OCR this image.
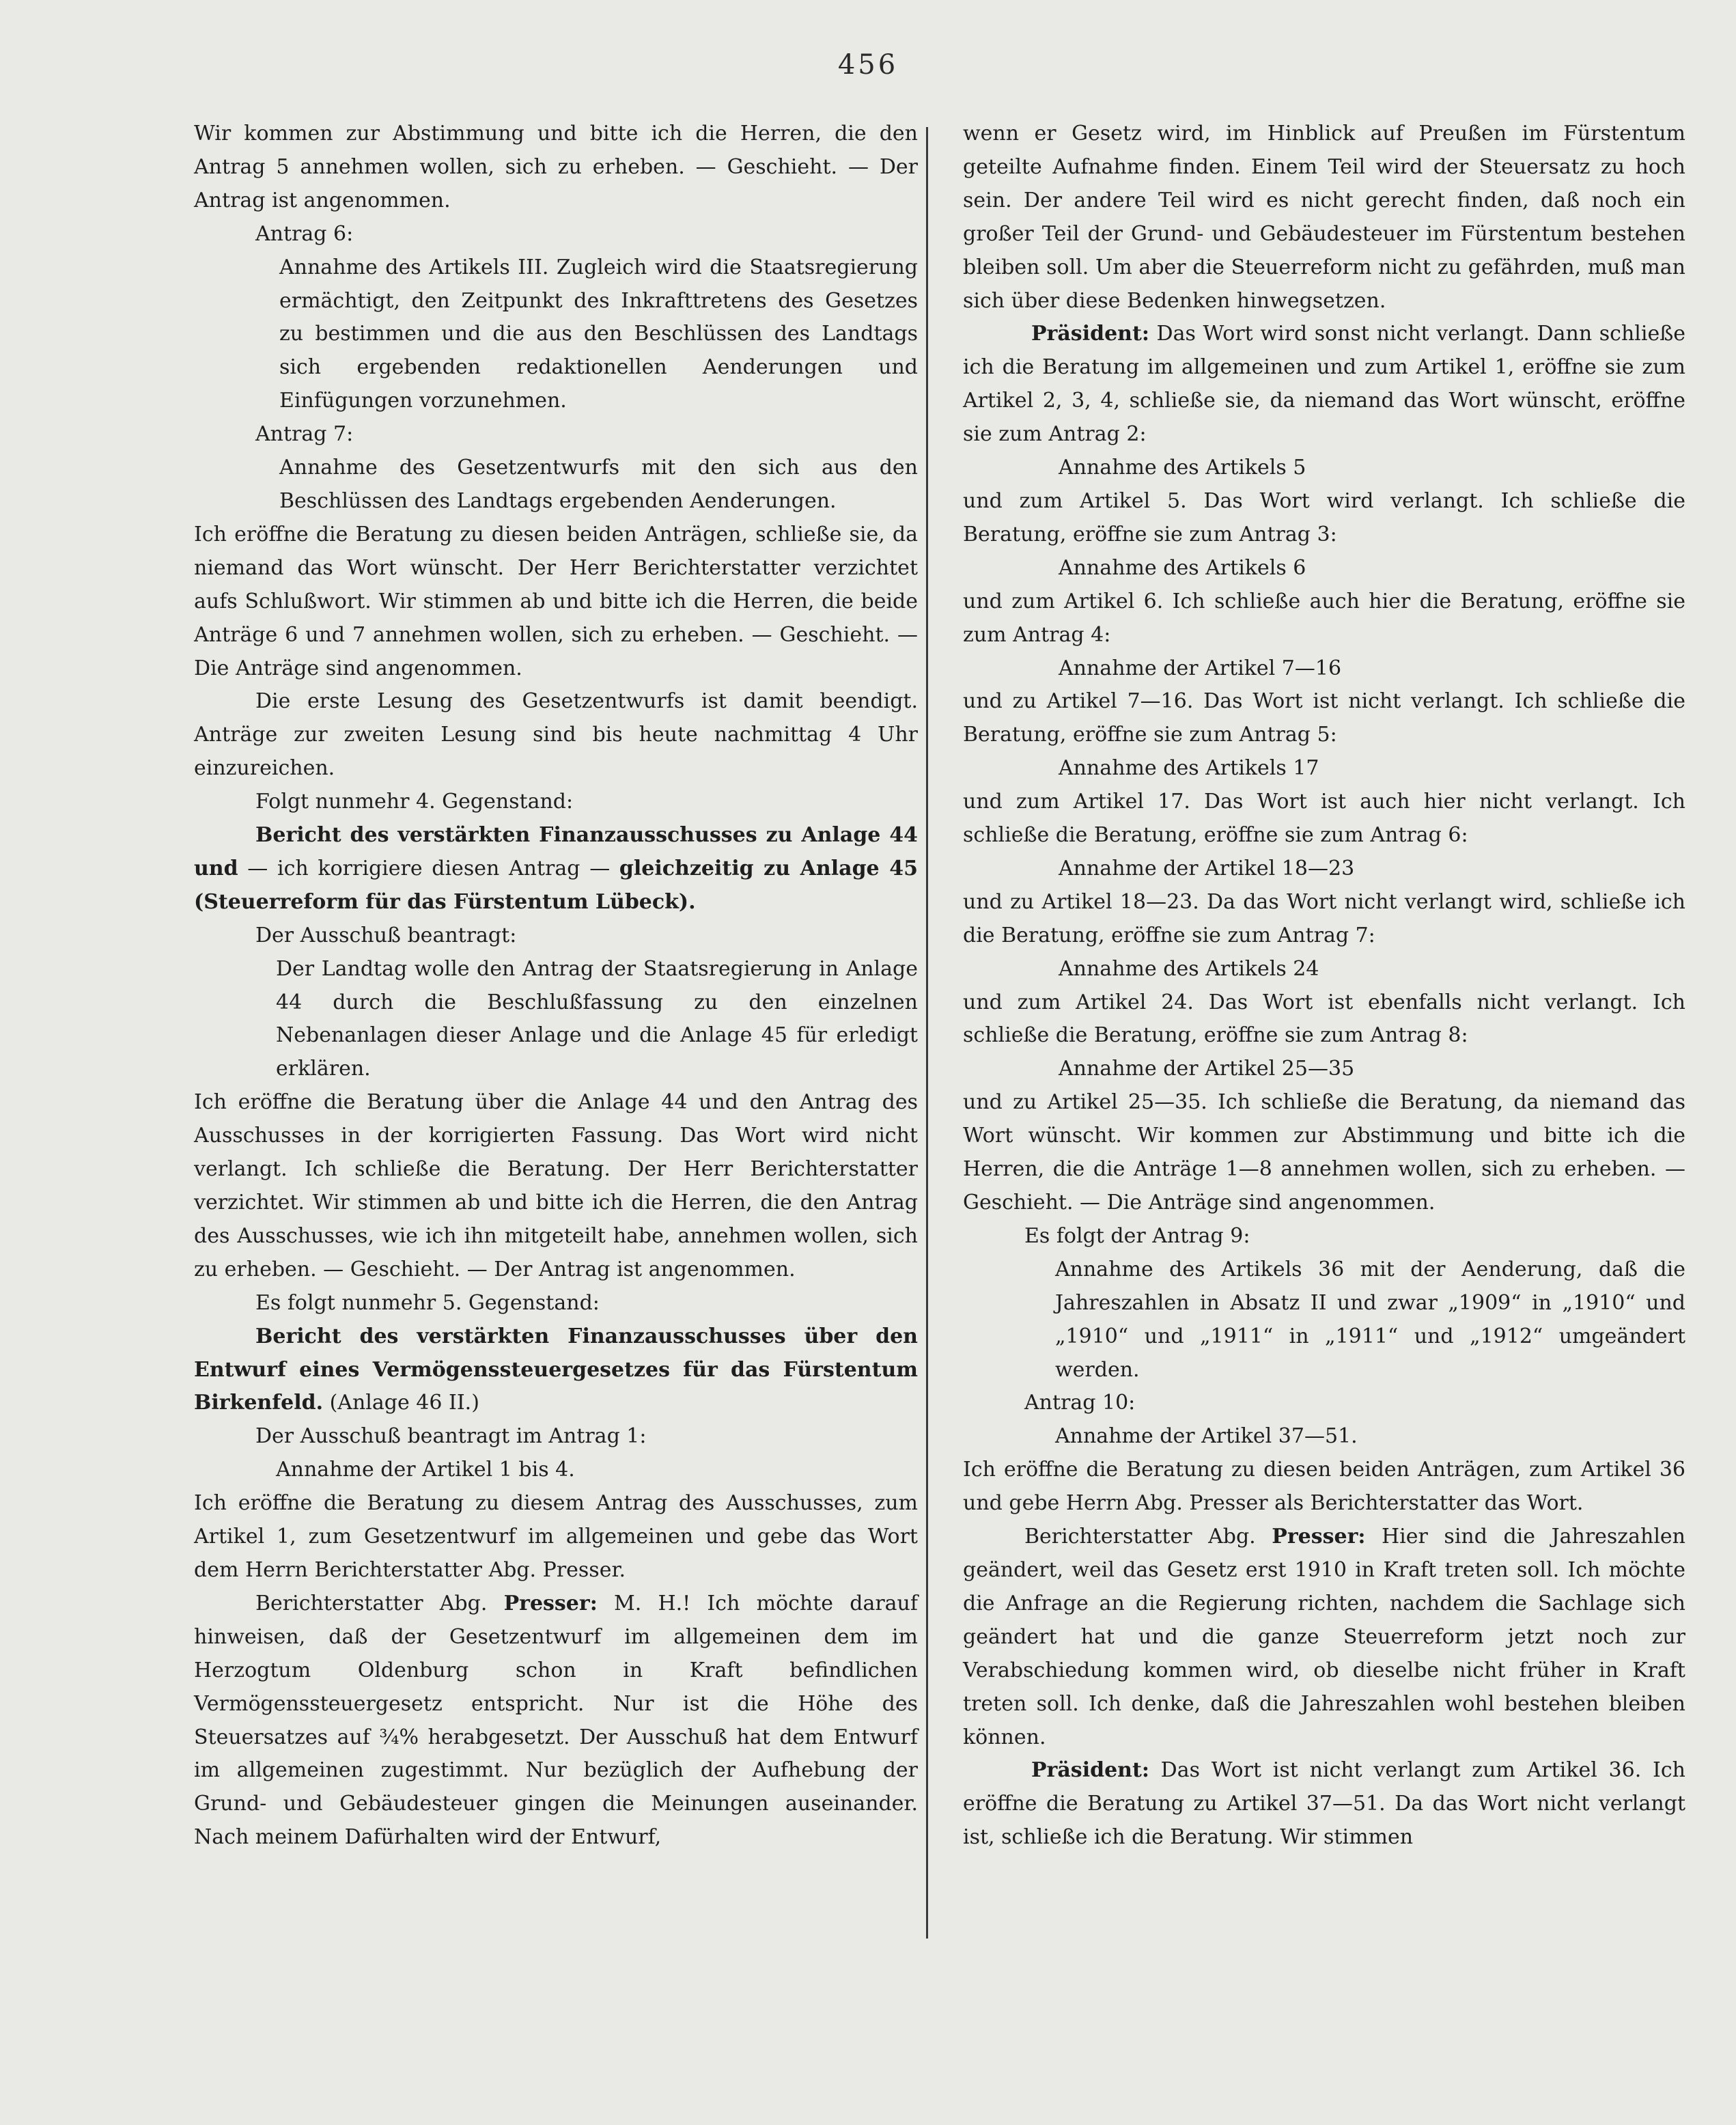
456

Wir kommen zur Abstimmung und bitte ich die Herren, die den Antrag 5 annehmen wollen, sich zu erheben. — Geschieht. — Der Antrag ist angenommen.

Antrag 6:

Annahme des Artikels III. Zugleich wird die Staatsregierung ermächtigt, den Zeitpunkt des Inkrafttretens des Gesetzes zu bestimmen und die aus den Beschlüssen des Landtags sich ergebenden redaktionellen Aenderungen und Einfügungen vorzunehmen.

Antrag 7:

Annahme des Gesetzentwurfs mit den sich aus den Beschlüssen des Landtags ergebenden Aenderungen.

Ich eröffne die Beratung zu diesen beiden Anträgen, schließe sie, da niemand das Wort wünscht. Der Herr Berichterstatter verzichtet aufs Schlußwort. Wir stimmen ab und bitte ich die Herren, die beide Anträge 6 und 7 annehmen wollen, sich zu erheben. — Geschieht. — Die Anträge sind angenommen.

Die erste Lesung des Gesetzentwurfs ist damit beendigt. Anträge zur zweiten Lesung sind bis heute nachmittag 4 Uhr einzureichen.

Folgt nunmehr 4. Gegenstand:

Bericht des verstärkten Finanzausschusses zu Anlage 44 und — ich korrigiere diesen Antrag — gleichzeitig zu Anlage 45 (Steuerreform für das Fürstentum Lübeck).

Der Ausschuß beantragt:

Der Landtag wolle den Antrag der Staatsregierung in Anlage 44 durch die Beschlußfassung zu den einzelnen Nebenanlagen dieser Anlage und die Anlage 45 für erledigt erklären.

Ich eröffne die Beratung über die Anlage 44 und den Antrag des Ausschusses in der korrigierten Fassung. Das Wort wird nicht verlangt. Ich schließe die Beratung. Der Herr Berichterstatter verzichtet. Wir stimmen ab und bitte ich die Herren, die den Antrag des Ausschusses, wie ich ihn mitgeteilt habe, annehmen wollen, sich zu erheben. — Geschieht. — Der Antrag ist angenommen.

Es folgt nunmehr 5. Gegenstand:

Bericht des verstärkten Finanzausschusses über den Entwurf eines Vermögenssteuergesetzes für das Fürstentum Birkenfeld. (Anlage 46 II.)

Der Ausschuß beantragt im Antrag 1:

Annahme der Artikel 1 bis 4.

Ich eröffne die Beratung zu diesem Antrag des Ausschusses, zum Artikel 1, zum Gesetzentwurf im allgemeinen und gebe das Wort dem Herrn Berichterstatter Abg. Presser.

Berichterstatter Abg. Presser: M. H.! Ich möchte darauf hinweisen, daß der Gesetzentwurf im allgemeinen dem im Herzogtum Oldenburg schon in Kraft befindlichen Vermögenssteuergesetz entspricht. Nur ist die Höhe des Steuersatzes auf ¾% herabgesetzt. Der Ausschuß hat dem Entwurf im allgemeinen zugestimmt. Nur bezüglich der Aufhebung der Grund- und Gebäudesteuer gingen die Meinungen auseinander. Nach meinem Dafürhalten wird der Entwurf,

wenn er Gesetz wird, im Hinblick auf Preußen im Fürstentum geteilte Aufnahme finden. Einem Teil wird der Steuersatz zu hoch sein. Der andere Teil wird es nicht gerecht finden, daß noch ein großer Teil der Grund- und Gebäudesteuer im Fürstentum bestehen bleiben soll. Um aber die Steuerreform nicht zu gefährden, muß man sich über diese Bedenken hinwegsetzen.

Präsident: Das Wort wird sonst nicht verlangt. Dann schließe ich die Beratung im allgemeinen und zum Artikel 1, eröffne sie zum Artikel 2, 3, 4, schließe sie, da niemand das Wort wünscht, eröffne sie zum Antrag 2:

Annahme des Artikels 5

und zum Artikel 5. Das Wort wird verlangt. Ich schließe die Beratung, eröffne sie zum Antrag 3:

Annahme des Artikels 6

und zum Artikel 6. Ich schließe auch hier die Beratung, eröffne sie zum Antrag 4:

Annahme der Artikel 7—16

und zu Artikel 7—16. Das Wort ist nicht verlangt. Ich schließe die Beratung, eröffne sie zum Antrag 5:

Annahme des Artikels 17

und zum Artikel 17. Das Wort ist auch hier nicht verlangt. Ich schließe die Beratung, eröffne sie zum Antrag 6:

Annahme der Artikel 18—23

und zu Artikel 18—23. Da das Wort nicht verlangt wird, schließe ich die Beratung, eröffne sie zum Antrag 7:

Annahme des Artikels 24

und zum Artikel 24. Das Wort ist ebenfalls nicht verlangt. Ich schließe die Beratung, eröffne sie zum Antrag 8:

Annahme der Artikel 25—35

und zu Artikel 25—35. Ich schließe die Beratung, da niemand das Wort wünscht. Wir kommen zur Abstimmung und bitte ich die Herren, die die Anträge 1—8 annehmen wollen, sich zu erheben. — Geschieht. — Die Anträge sind angenommen.

Es folgt der Antrag 9:

Annahme des Artikels 36 mit der Aenderung, daß die Jahreszahlen in Absatz II und zwar „1909“ in „1910“ und „1910“ und „1911“ in „1911“ und „1912“ umgeändert werden.

Antrag 10:

Annahme der Artikel 37—51.

Ich eröffne die Beratung zu diesen beiden Anträgen, zum Artikel 36 und gebe Herrn Abg. Presser als Berichterstatter das Wort.

Berichterstatter Abg. Presser: Hier sind die Jahreszahlen geändert, weil das Gesetz erst 1910 in Kraft treten soll. Ich möchte die Anfrage an die Regierung richten, nachdem die Sachlage sich geändert hat und die ganze Steuerreform jetzt noch zur Verabschiedung kommen wird, ob dieselbe nicht früher in Kraft treten soll. Ich denke, daß die Jahreszahlen wohl bestehen bleiben können.

Präsident: Das Wort ist nicht verlangt zum Artikel 36. Ich eröffne die Beratung zu Artikel 37—51. Da das Wort nicht verlangt ist, schließe ich die Beratung. Wir stimmen
